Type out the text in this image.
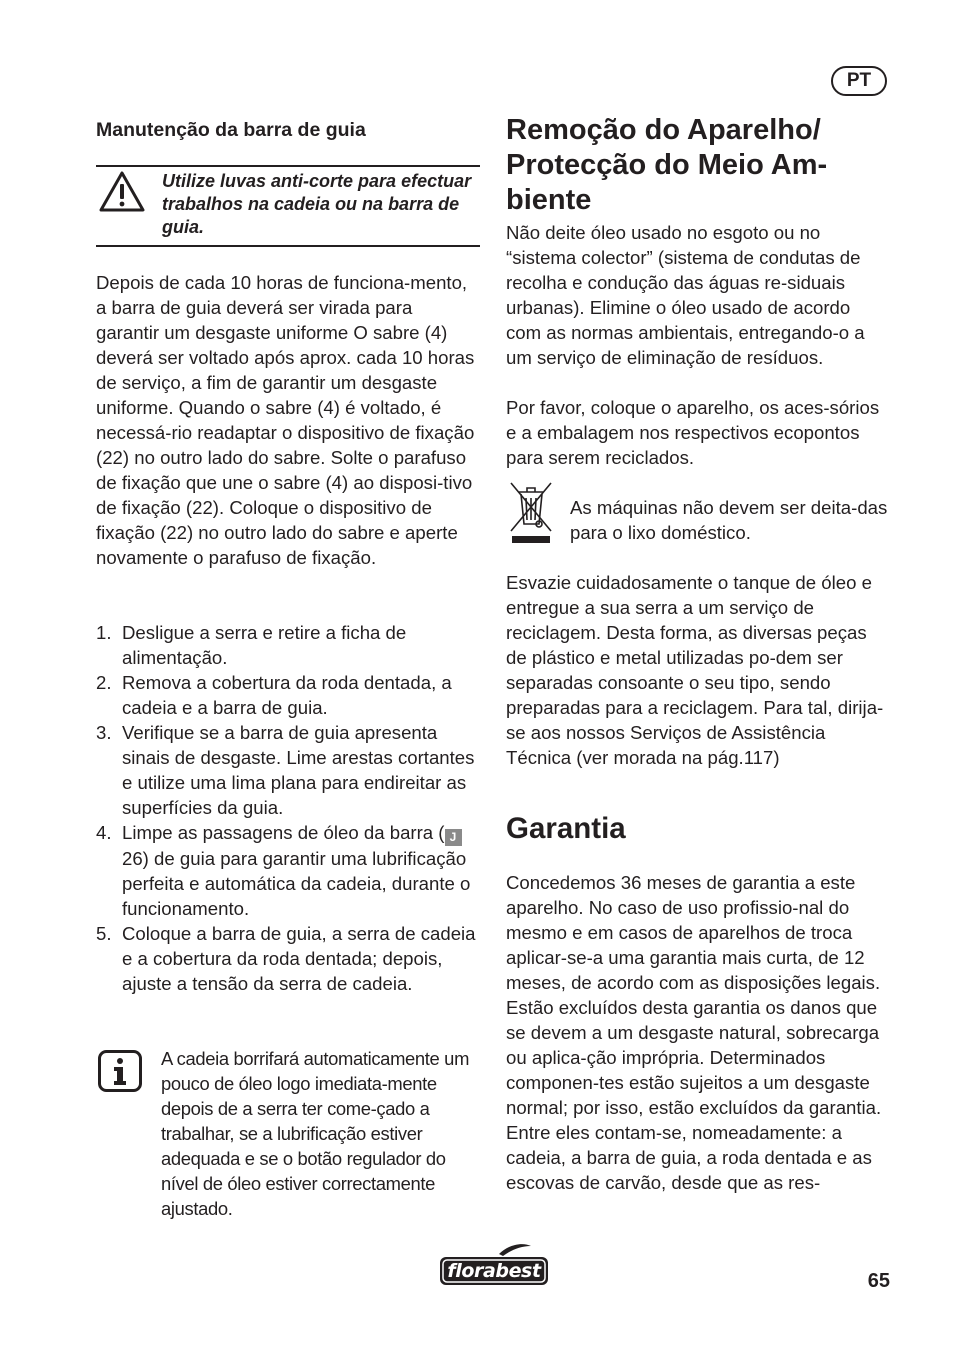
PT
Manutenção da barra de guia
Utilize luvas anti-corte para efectuar trabalhos na cadeia ou na barra de guia.
Depois de cada 10 horas de funciona-mento, a barra de guia deverá ser virada para garantir um desgaste uniforme O sabre (4) deverá ser voltado após aprox. cada 10 horas de serviço, a fim de garantir um desgaste uniforme. Quando o sabre (4) é voltado, é necessá-rio readaptar o dispositivo de fixação (22) no outro lado do sabre. Solte o parafuso de fixação que une o sabre (4) ao disposi-tivo de fixação (22). Coloque o dispositivo de fixação (22) no outro lado do sabre e aperte novamente o parafuso de fixação.
1. Desligue a serra e retire a ficha de alimentação.
2. Remova a cobertura da roda dentada, a cadeia e a barra de guia.
3. Verifique se a barra de guia apresenta sinais de desgaste. Lime arestas cortantes e utilize uma lima plana para endireitar as superfícies da guia.
4. Limpe as passagens de óleo da barra ( J 26) de guia para garantir uma lubrificação perfeita e automática da cadeia, durante o funcionamento.
5. Coloque a barra de guia, a serra de cadeia e a cobertura da roda dentada; depois, ajuste a tensão da serra de cadeia.
A cadeia borrifará automaticamente um pouco de óleo logo imediata-mente depois de a serra ter come-çado a trabalhar, se a lubrificação estiver adequada e se o botão regulador do nível de óleo estiver correctamente ajustado.
Remoção do Aparelho/ Protecção do Meio Am-biente
Não deite óleo usado no esgoto ou no “sistema colector” (sistema de condutas de recolha e condução das águas re-siduais urbanas). Elimine o óleo usado de acordo com as normas ambientais, entregando-o a um serviço de eliminação de resíduos.
Por favor, coloque o aparelho, os aces-sórios e a embalagem nos respectivos ecopontos para serem reciclados.
As máquinas não devem ser deita-das para o lixo doméstico.
Esvazie cuidadosamente o tanque de óleo e entregue a sua serra a um serviço de reciclagem. Desta forma, as diversas peças de plástico e metal utilizadas po-dem ser separadas consoante o seu tipo, sendo preparadas para a reciclagem. Para tal, dirija-se aos nossos Serviços de Assistência Técnica (ver morada na pág.117)
Garantia
Concedemos 36 meses de garantia a este aparelho. No caso de uso profissio-nal do mesmo e em casos de aparelhos de troca aplicar-se-a uma garantia mais curta, de 12 meses, de acordo com as disposições legais. Estão excluídos desta garantia os danos que se devem a um desgaste natural, sobrecarga ou aplica-ção imprópria. Determinados componen-tes estão sujeitos a um desgaste normal; por isso, estão excluídos da garantia. Entre eles contam-se, nomeadamente: a cadeia, a barra de guia, a roda dentada e as escovas de carvão, desde que as res-
florabest	65
